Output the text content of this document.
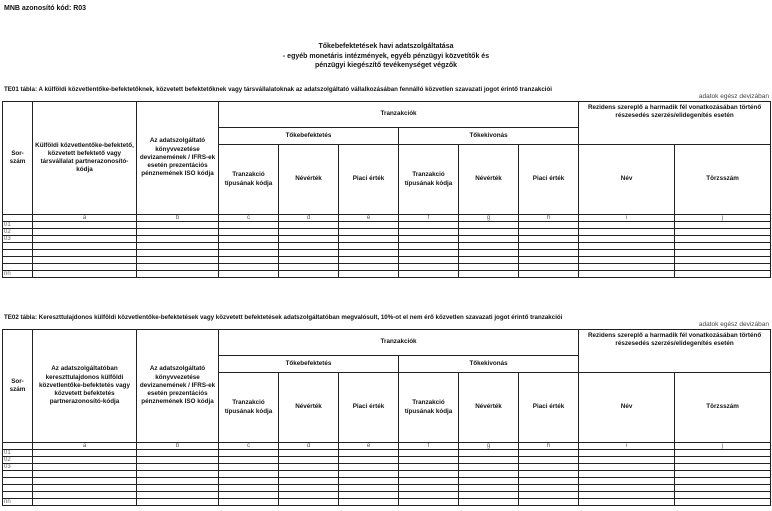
MNB azonosító kód: R03
Tőkebefektetések havi adatszolgáltatása
- egyéb monetáris intézmények, egyéb pénzügyi közvetítők és
pénzügyi kiegészítő tevékenységet végzők
TE01 tábla: A külföldi közvetlentőke-befektetőknek, közvetett befektetőknek vagy társvállalatoknak az adatszolgáltató vállalkozásában fennálló közvetlen szavazati jogot érintő tranzakciói
adatok egész devizában
Sor-szám	Külföldi közvetlentőke-befektető, közvetett befektető vagy társvállalat partnerazonosító-kódja	Az adatszolgáltató könyvvezetése devizanemének / IFRS-ek esetén prezentációs pénznemének ISO kódja	Tranzakciók						Rezidens szereplő a harmadik fél vonatkozásában történő részesedés szerzés/elidegenítés esetén	
			Tőkebefektetés			Tőkekivonás				
			Tranzakció típusának kódja	Névérték	Piaci érték	Tranzakció típusának kódja	Névérték	Piaci érték	Név	Törzsszám
	a	b	c	d	e	f	g	h	i	j
01										
02										
03										

nn										
TE02 tábla: Kereszttulajdonos külföldi közvetlentőke-befektetések vagy közvetett befektetések adatszolgáltatóban megvalósult, 10%-ot el nem érő közvetlen szavazati jogot érintő tranzakciói
adatok egész devizában
Sor-szám	Az adatszolgáltatóban kereszttulajdonos külföldi közvetlentőke-befektetés vagy közvetett befektetés partnerazonosító-kódja	Az adatszolgáltató könyvvezetése devizanemének / IFRS-ek esetén prezentációs pénznemének ISO kódja	Tranzakciók						Rezidens szereplő a harmadik fél vonatkozásában történő részesedés szerzés/elidegenítés esetén	
			Tőkebefektetés			Tőkekivonás				
			Tranzakció típusának kódja	Névérték	Piaci érték	Tranzakció típusának kódja	Névérték	Piaci érték	Név	Törzsszám
	a	b	c	d	e	f	g	h	i	j
01										
02										
03										

nn										
